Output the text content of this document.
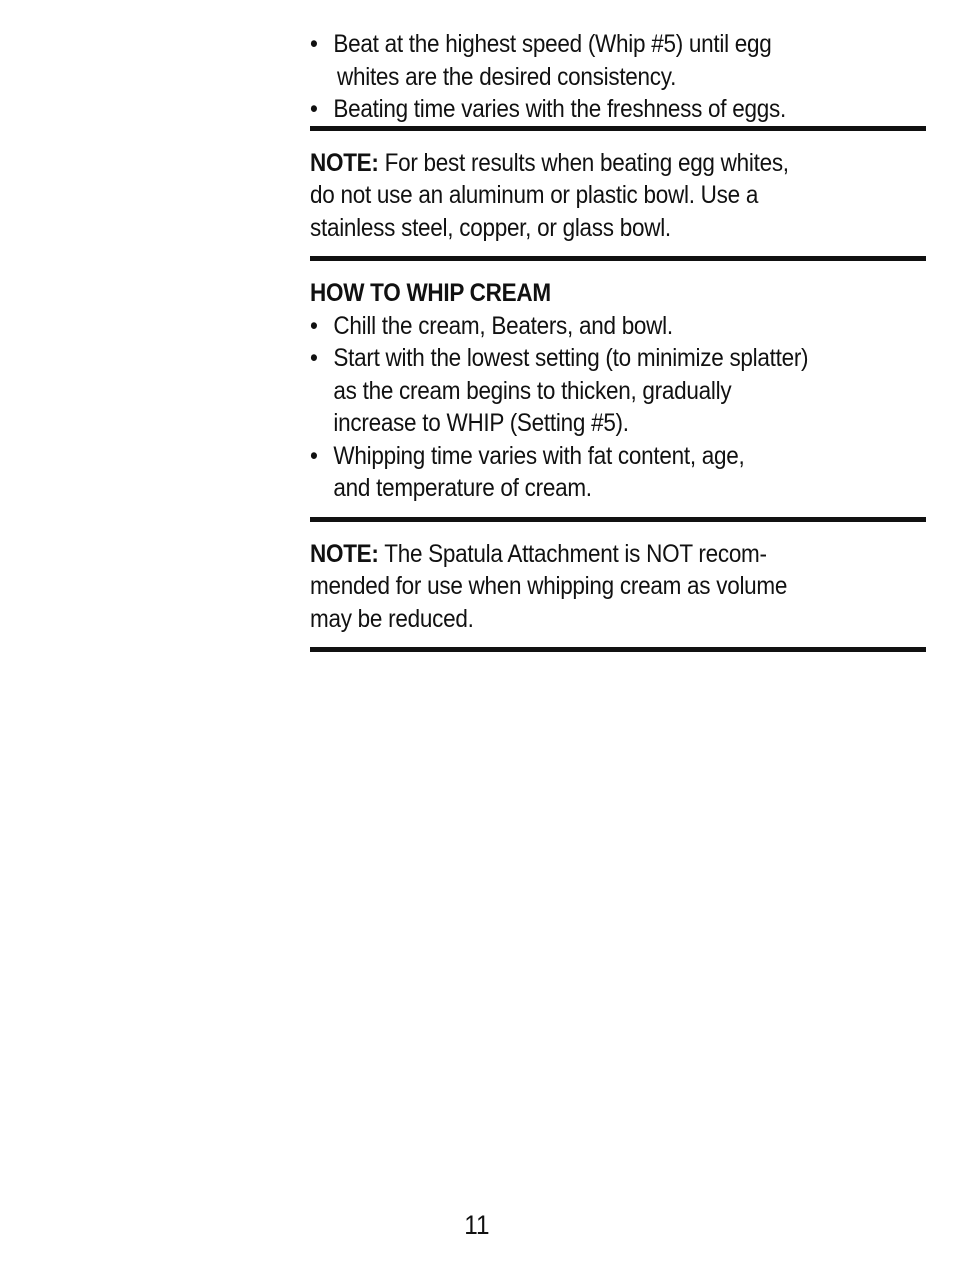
• Beat at the highest speed (Whip #5) until egg
whites are the desired consistency.
• Beating time varies with the freshness of eggs.
NOTE: For best results when beating egg whites,
do not use an aluminum or plastic bowl. Use a
stainless steel, copper, or glass bowl.
HOW TO WHIP CREAM
• Chill the cream, Beaters, and bowl.
• Start with the lowest setting (to minimize splatter)
as the cream begins to thicken, gradually
increase to WHIP (Setting #5).
• Whipping time varies with fat content, age,
and temperature of cream.
NOTE: The Spatula Attachment is NOT recom-
mended for use when whipping cream as volume
may be reduced.
11
